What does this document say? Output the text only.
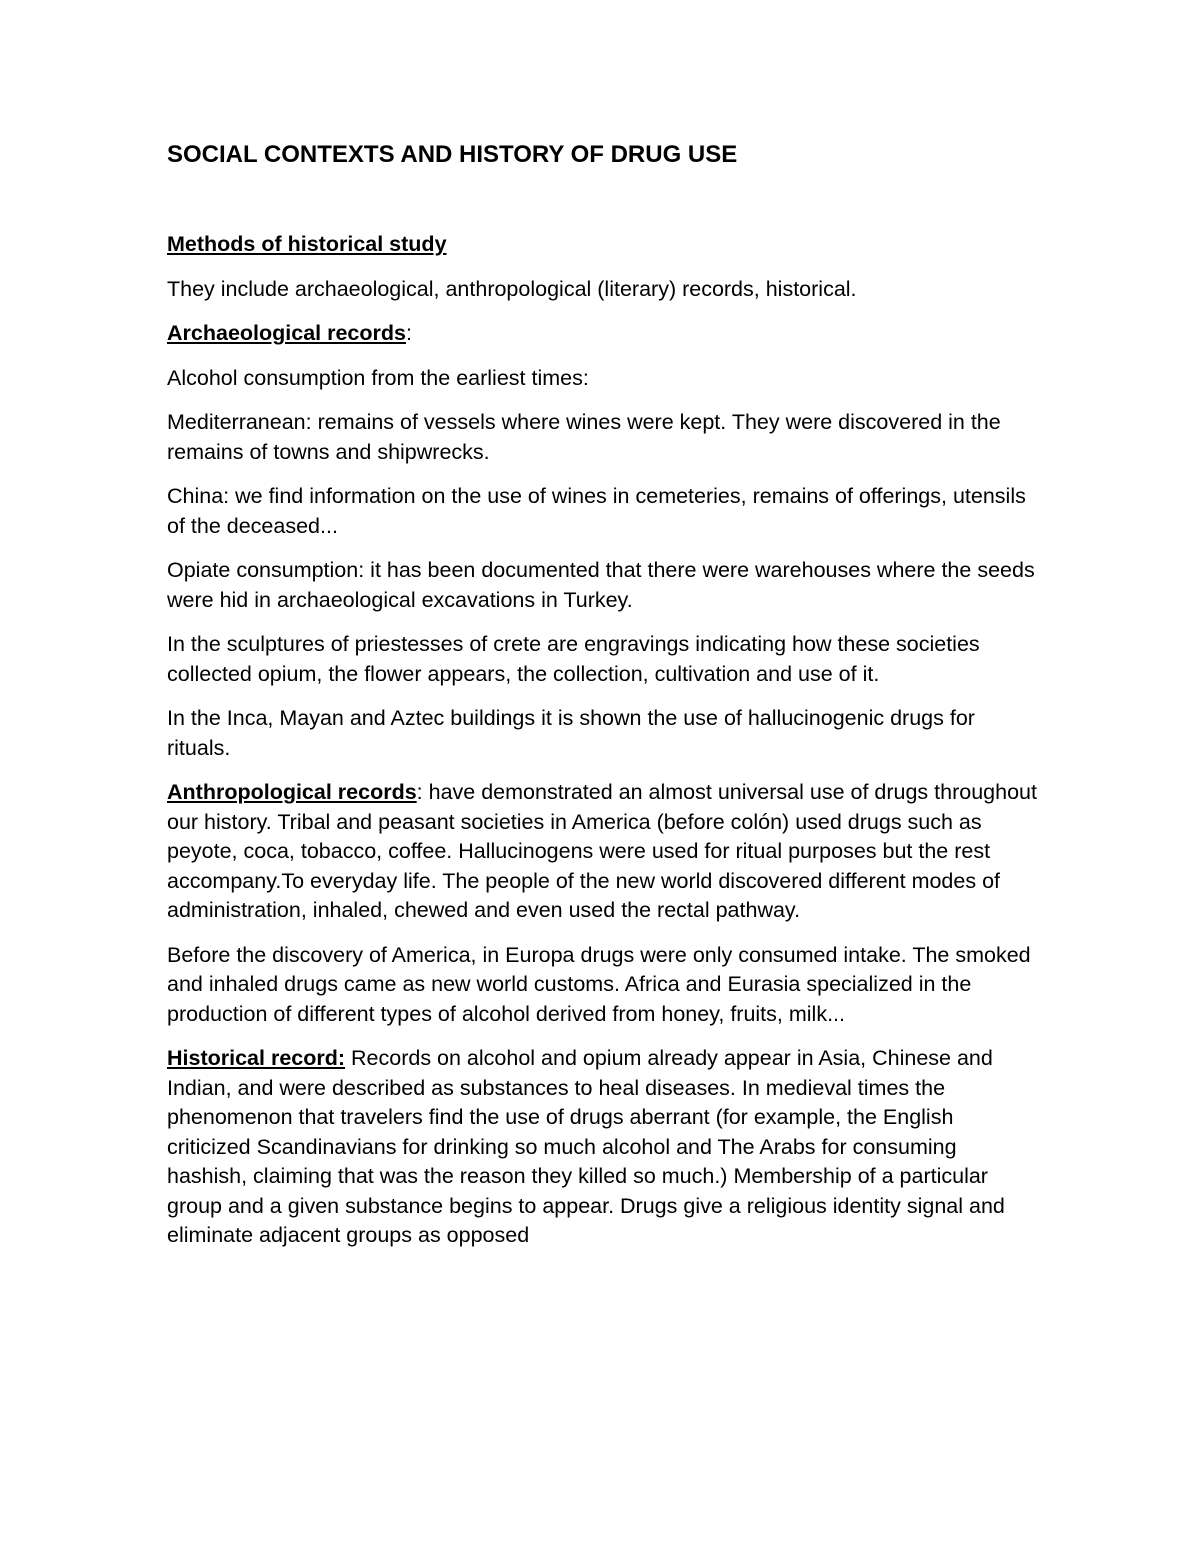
SOCIAL CONTEXTS AND HISTORY OF DRUG USE
Methods of historical study

They include archaeological, anthropological (literary) records, historical.

Archaeological records:

Alcohol consumption from the earliest times:

Mediterranean: remains of vessels where wines were kept. They were discovered in the remains of towns and shipwrecks.

China: we find information on the use of wines in cemeteries, remains of offerings, utensils of the deceased...

Opiate consumption: it has been documented that there were warehouses where the seeds were hid in archaeological excavations in Turkey.

In the sculptures of priestesses of crete are engravings indicating how these societies collected opium, the flower appears, the collection, cultivation and use of it.

In the Inca, Mayan and Aztec buildings it is shown the use of hallucinogenic drugs for rituals.

Anthropological records: have demonstrated an almost universal use of drugs throughout our history. Tribal and peasant societies in America (before colón) used drugs such as peyote, coca, tobacco, coffee. Hallucinogens were used for ritual purposes but the rest accompany.To everyday life. The people of the new world discovered different modes of administration, inhaled, chewed and even used the rectal pathway.

Before the discovery of America, in Europa drugs were only consumed intake. The smoked and inhaled drugs came as new world customs. Africa and Eurasia specialized in the production of different types of alcohol derived from honey, fruits, milk...

Historical record: Records on alcohol and opium already appear in Asia, Chinese and Indian, and were described as substances to heal diseases. In medieval times the phenomenon that travelers find the use of drugs aberrant (for example, the English criticized Scandinavians for drinking so much alcohol and The Arabs for consuming hashish, claiming that was the reason they killed so much.) Membership of a particular group and a given substance begins to appear. Drugs give a religious identity signal and eliminate adjacent groups as opposed
